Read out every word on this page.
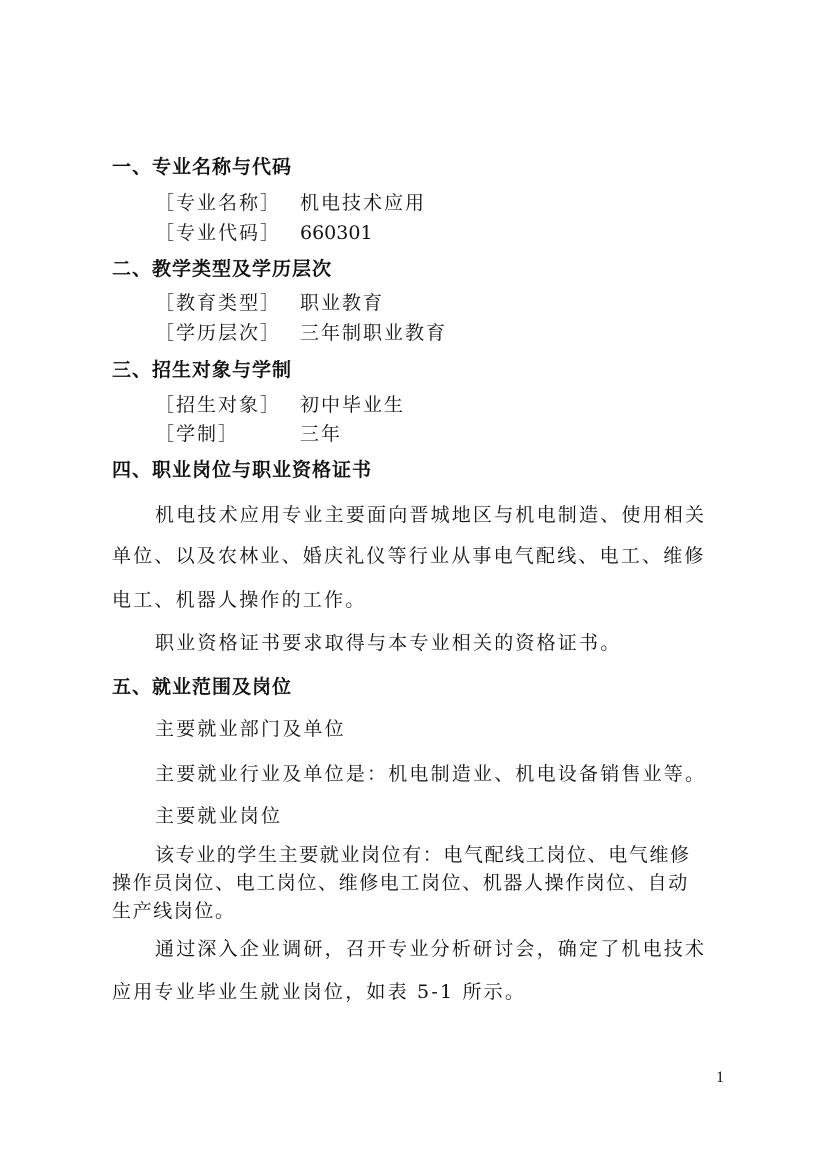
一、专业名称与代码
［专业名称］ 机电技术应用
［专业代码］ 660301
二、教学类型及学历层次
［教育类型］ 职业教育
［学历层次］ 三年制职业教育
三、招生对象与学制
［招生对象］ 初中毕业生
［学制］	三年
四、职业岗位与职业资格证书
机电技术应用专业主要面向晋城地区与机电制造、使用相关
单位、以及农林业、婚庆礼仪等行业从事电气配线、电工、维修
电工、机器人操作的工作。
职业资格证书要求取得与本专业相关的资格证书。
五、就业范围及岗位
主要就业部门及单位
主要就业行业及单位是：机电制造业、机电设备销售业等。
主要就业岗位
该专业的学生主要就业岗位有：电气配线工岗位、电气维修
操作员岗位、电工岗位、维修电工岗位、机器人操作岗位、自动
生产线岗位。
通过深入企业调研，召开专业分析研讨会，确定了机电技术
应用专业毕业生就业岗位，如表 5-1 所示。
1
